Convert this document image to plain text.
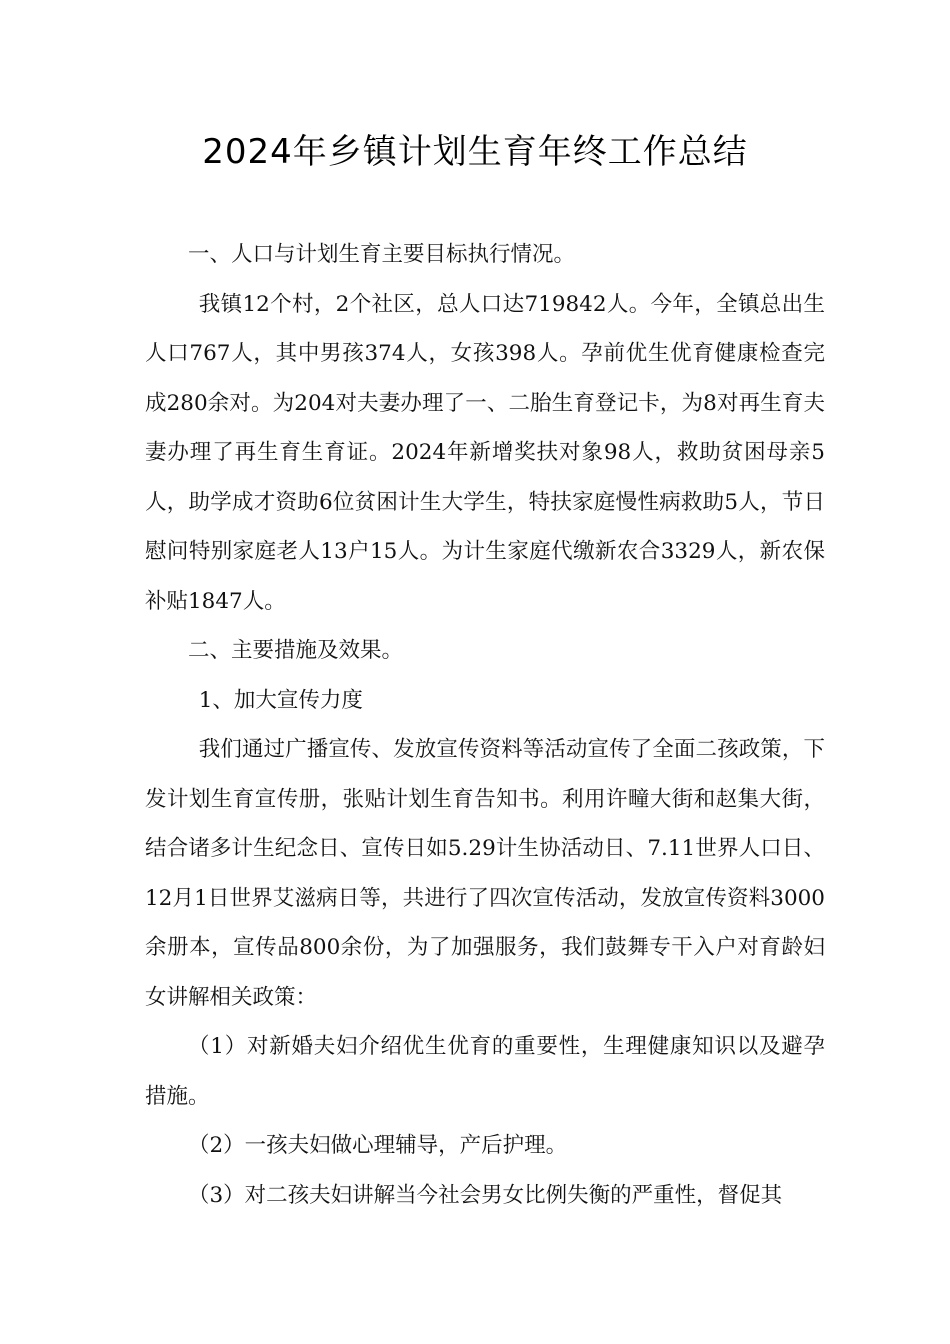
2024年乡镇计划生育年终工作总结

一、人口与计划生育主要目标执行情况。

我镇12个村，2个社区，总人口达719842人。今年，全镇总出生人口767人，其中男孩374人，女孩398人。孕前优生优育健康检查完成280余对。为204对夫妻办理了一、二胎生育登记卡，为8对再生育夫妻办理了再生育生育证。2024年新增奖扶对象98人，救助贫困母亲5人，助学成才资助6位贫困计生大学生，特扶家庭慢性病救助5人，节日慰问特别家庭老人13户15人。为计生家庭代缴新农合3329人，新农保补贴1847人。

二、主要措施及效果。

1、加大宣传力度

我们通过广播宣传、发放宣传资料等活动宣传了全面二孩政策，下发计划生育宣传册，张贴计划生育告知书。利用许疃大街和赵集大街，结合诸多计生纪念日、宣传日如5.29计生协活动日、7.11世界人口日、12月1日世界艾滋病日等，共进行了四次宣传活动，发放宣传资料3000余册本，宣传品800余份，为了加强服务，我们鼓舞专干入户对育龄妇女讲解相关政策：

（1）对新婚夫妇介绍优生优育的重要性，生理健康知识以及避孕措施。

（2）一孩夫妇做心理辅导，产后护理。

（3）对二孩夫妇讲解当今社会男女比例失衡的严重性，督促其
